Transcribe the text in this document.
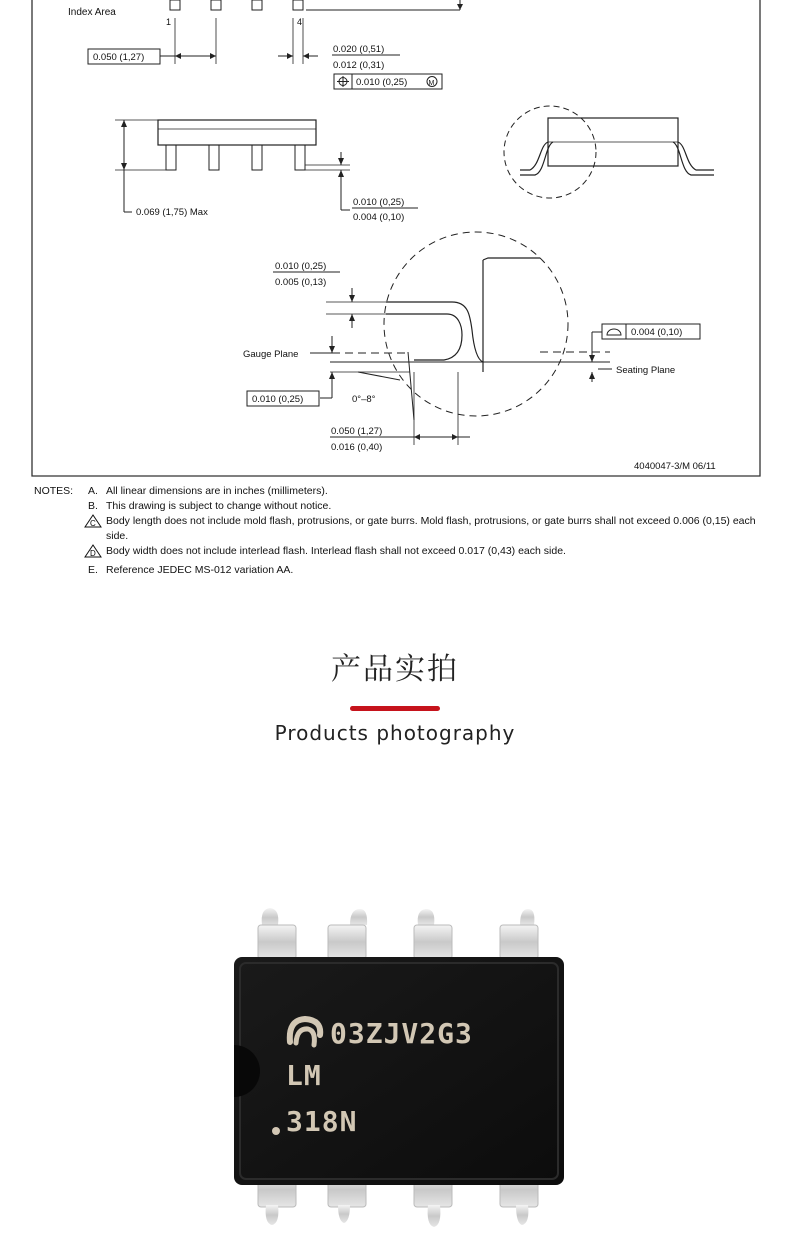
Index Area
1	4
0.050 (1,27)
0.020 (0,51)
0.012 (0,31)
0.010 (0,25)	M
0.069 (1,75) Max
0.010 (0,25)
0.004 (0,10)
0.010 (0,25)
0.005 (0,13)
Gauge Plane
0.010 (0,25)	0°–8°
0.050 (1,27)
0.016 (0,40)
0.004 (0,10)
Seating Plane
4040047-3/M 06/11
NOTES:	A. All linear dimensions are in inches (millimeters).
B. This drawing is subject to change without notice.
C Body length does not include mold flash, protrusions, or gate burrs. Mold flash, protrusions, or gate burrs shall not exceed 0.006 (0,15) each side.
D Body width does not include interlead flash. Interlead flash shall not exceed 0.017 (0,43) each side.
E. Reference JEDEC MS-012 variation AA.
产品实拍
Products photography
03ZJV2G3
LM
318N
